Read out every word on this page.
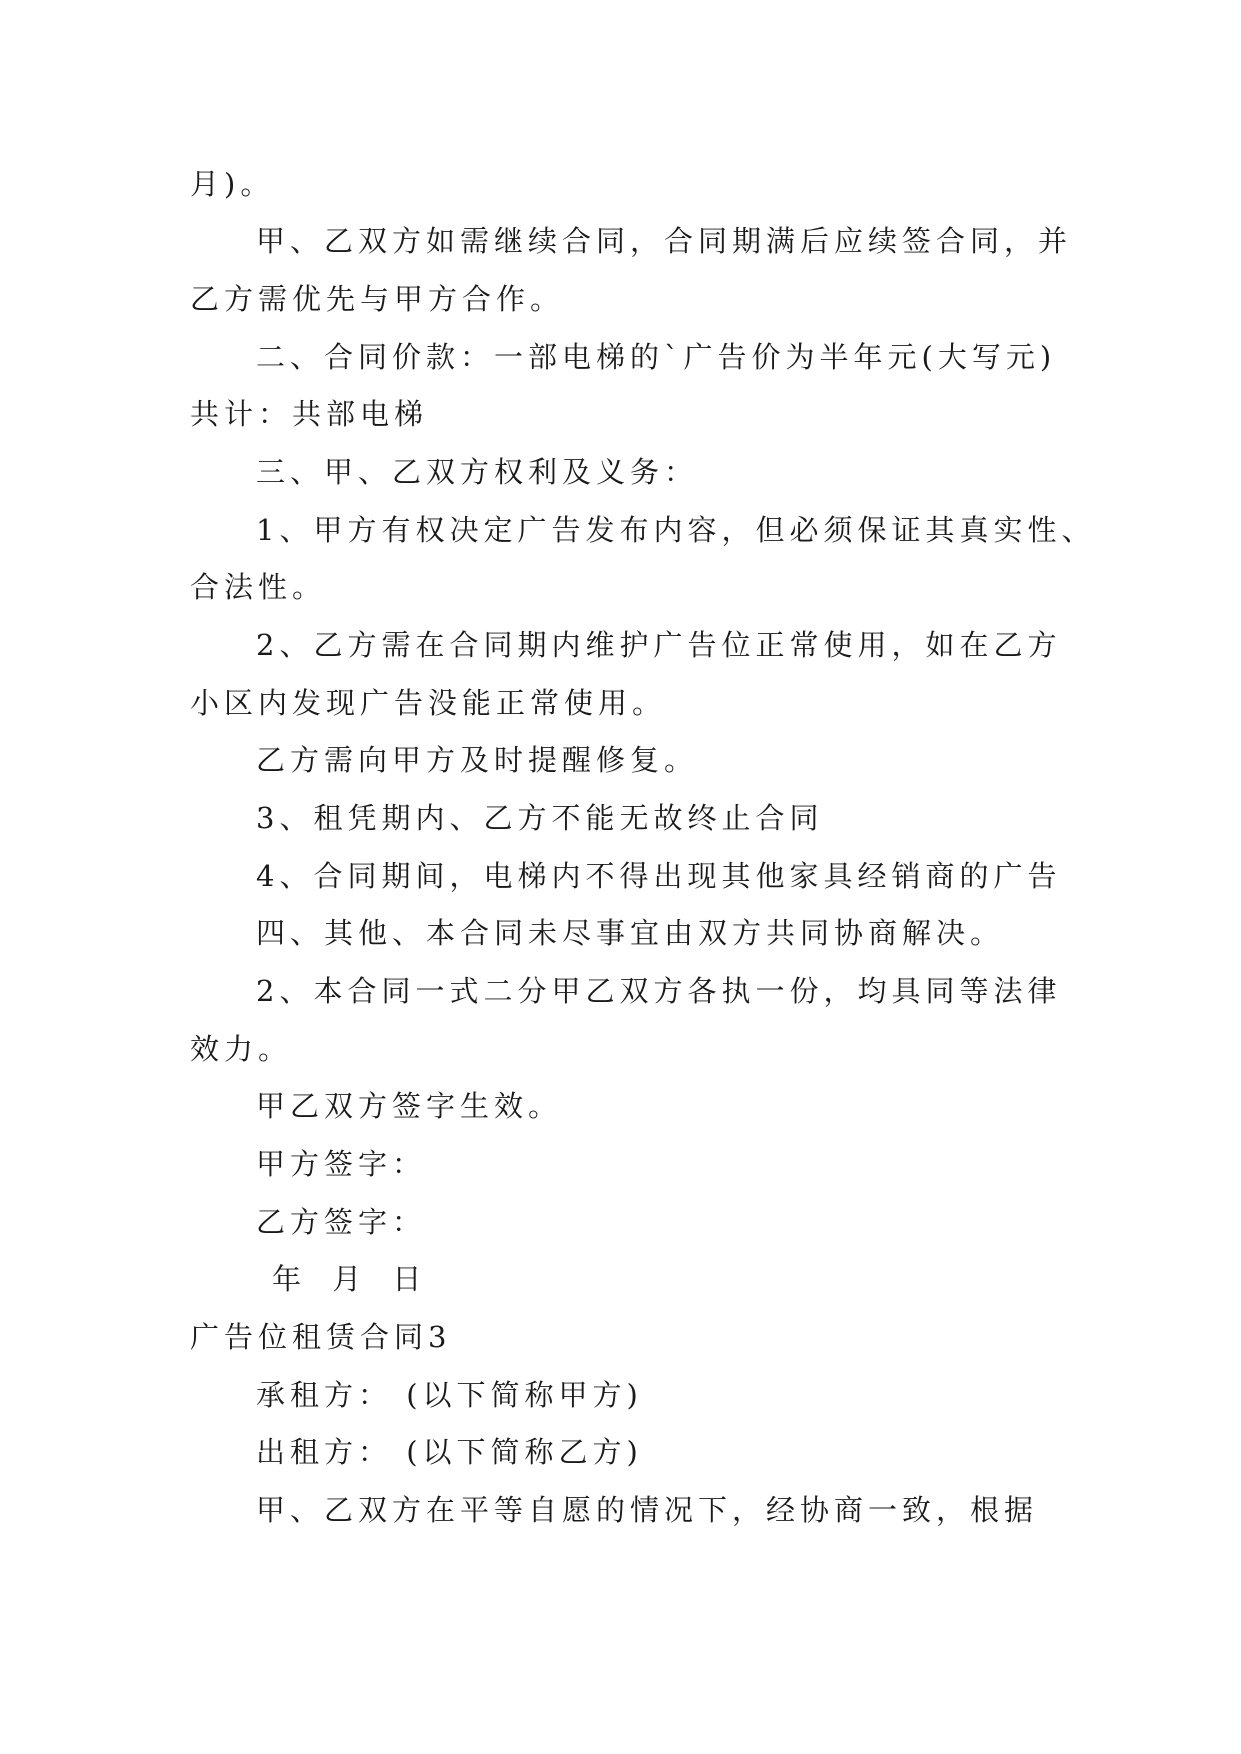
月)。
甲、乙双方如需继续合同，合同期满后应续签合同，并
乙方需优先与甲方合作。
二、合同价款：一部电梯的`广告价为半年元(大写元)
共计：共部电梯
三、甲、乙双方权利及义务：
1、甲方有权决定广告发布内容，但必须保证其真实性、
合法性。
2、乙方需在合同期内维护广告位正常使用，如在乙方
小区内发现广告没能正常使用。
乙方需向甲方及时提醒修复。
3、租凭期内、乙方不能无故终止合同
4、合同期间，电梯内不得出现其他家具经销商的广告
四、其他、本合同未尽事宜由双方共同协商解决。
2、本合同一式二分甲乙双方各执一份，均具同等法律
效力。
甲乙双方签字生效。
甲方签字：
乙方签字：
年 月 日
广告位租赁合同3
承租方： (以下简称甲方)
出租方： (以下简称乙方)
甲、乙双方在平等自愿的情况下，经协商一致，根据
